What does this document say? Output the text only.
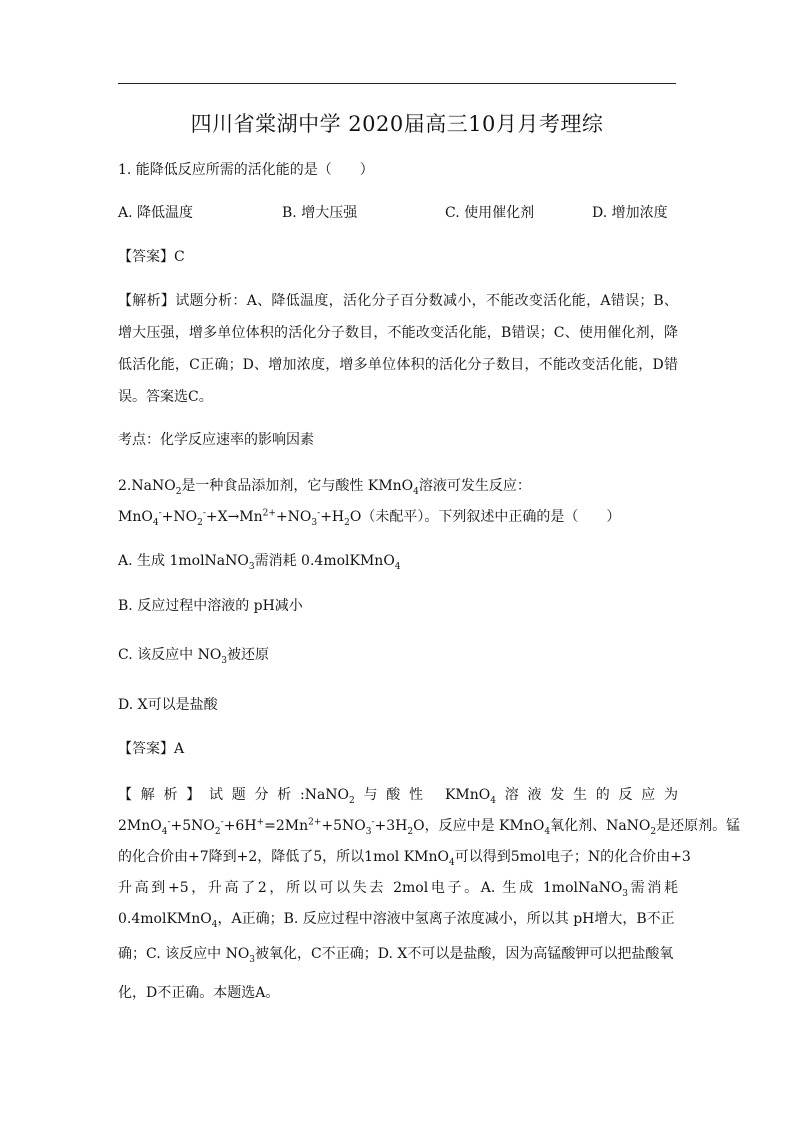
四川省棠湖中学 2020届高三10月月考理综
1. 能降低反应所需的活化能的是（　　）
A. 降低温度	B. 增大压强	C. 使用催化剂	D. 增加浓度
【答案】C
【解析】试题分析：A、降低温度，活化分子百分数减小，不能改变活化能，A错误；B、
增大压强，增多单位体积的活化分子数目，不能改变活化能，B错误；C、使用催化剂，降
低活化能，C正确；D、增加浓度，增多单位体积的活化分子数目，不能改变活化能，D错
误。答案选C。
考点：化学反应速率的影响因素
2.NaNO$_2$是一种食品添加剂，它与酸性 KMnO$_4$溶液可发生反应：
$MnO_4^-+NO_2^-+X\to Mn^{2+}+NO_3^-+H_2O$（未配平）。下列叙述中正确的是（　　）
A. 生成 1molNaNO$_3$需消耗 0.4molKMnO$_4$
B. 反应过程中溶液的 pH减小
C. 该反应中 $NO_3$被还原
D. X可以是盐酸
【答案】A
【解析】试题分析:NaNO$_2$与酸性 KMnO$_4$溶液发生的反应为
$2MnO_4^-+5NO_2^-+6H^+=2Mn^{2+}+5NO_3^-+3H_2O$，反应中是 KMnO$_4$氧化剂、NaNO$_2$是还原剂。锰
的化合价由+7降到+2，降低了5，所以1mol KMnO$_4$可以得到5mol电子；N的化合价由+3
升高到+5，升高了2，所以可以失去 2mol电子。A. 生成 1molNaNO$_3$需消耗
0.4molKMnO$_4$，A正确；B. 反应过程中溶液中氢离子浓度减小，所以其 pH增大，B不正
确；C. 该反应中 $NO_3$被氧化，C不正确；D. X不可以是盐酸，因为高锰酸钾可以把盐酸氧
化，D不正确。本题选A。
